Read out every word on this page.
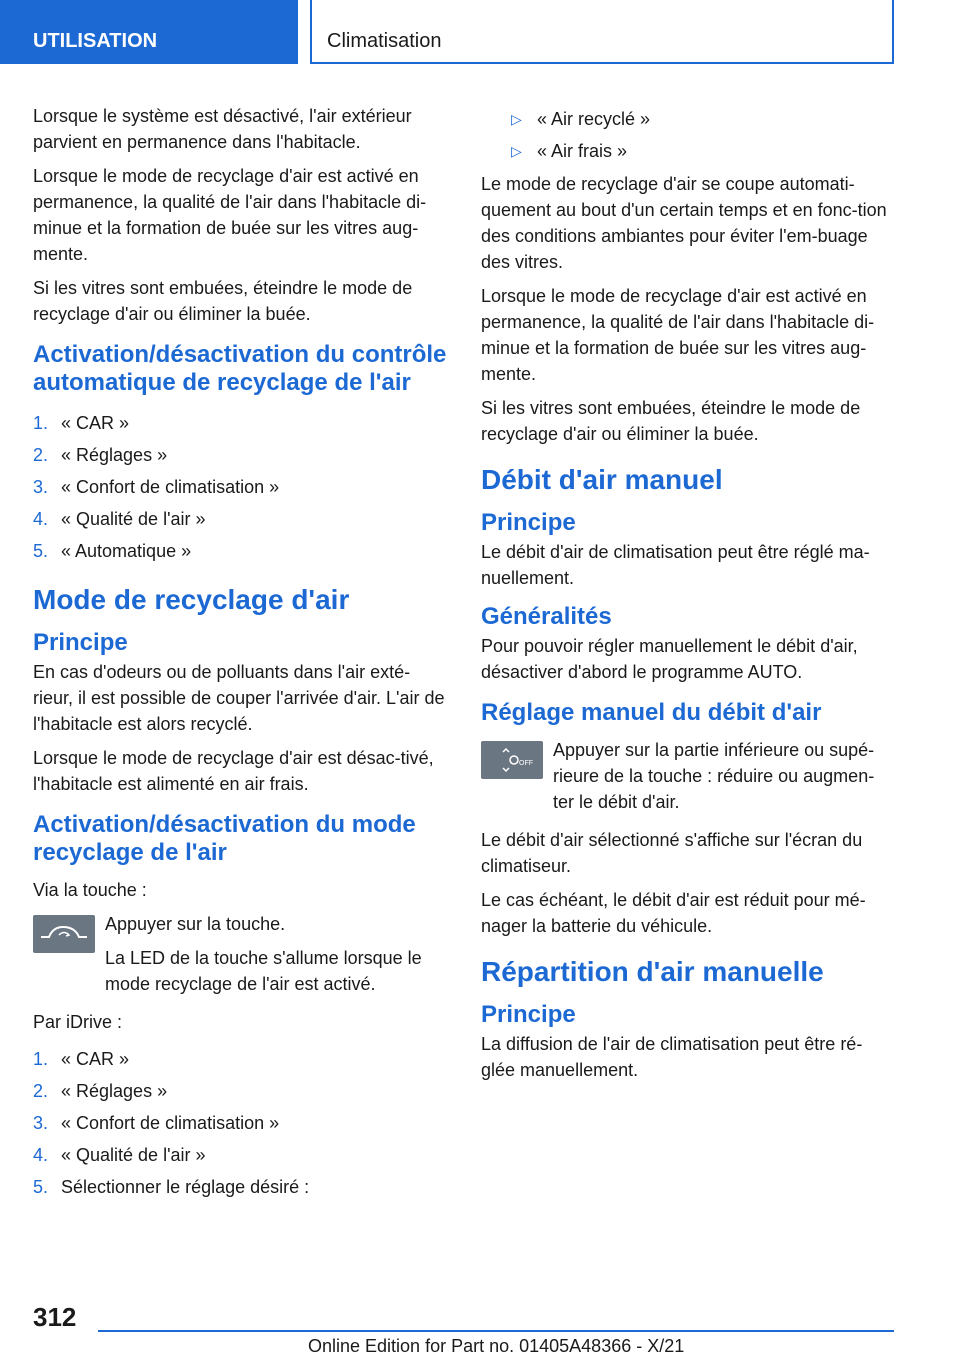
UTILISATION	Climatisation

Lorsque le système est désactivé, l'air extérieur parvient en permanence dans l'habitacle.

Lorsque le mode de recyclage d'air est activé en permanence, la qualité de l'air dans l'habitacle di-minue et la formation de buée sur les vitres aug-mente.

Si les vitres sont embuées, éteindre le mode de recyclage d'air ou éliminer la buée.

Activation/désactivation du contrôle automatique de recyclage de l'air
1. « CAR »
2. « Réglages »
3. « Confort de climatisation »
4. « Qualité de l'air »
5. « Automatique »
Mode de recyclage d'air
Principe

En cas d'odeurs ou de polluants dans l'air exté-rieur, il est possible de couper l'arrivée d'air. L'air de l'habitacle est alors recyclé.

Lorsque le mode de recyclage d'air est désac-tivé, l'habitacle est alimenté en air frais.

Activation/désactivation du mode recyclage de l'air

Via la touche :

Appuyer sur la touche.

La LED de la touche s'allume lorsque le mode recyclage de l'air est activé.

Par iDrive :

1. « CAR »
2. « Réglages »
3. « Confort de climatisation »
4. « Qualité de l'air »
5. Sélectionner le réglage désiré :
▷ « Air recyclé »
▷ « Air frais »

Le mode de recyclage d'air se coupe automati-quement au bout d'un certain temps et en fonc-tion des conditions ambiantes pour éviter l'em-buage des vitres.

Lorsque le mode de recyclage d'air est activé en permanence, la qualité de l'air dans l'habitacle di-minue et la formation de buée sur les vitres aug-mente.

Si les vitres sont embuées, éteindre le mode de recyclage d'air ou éliminer la buée.

Débit d'air manuel
Principe

Le débit d'air de climatisation peut être réglé ma-nuellement.

Généralités

Pour pouvoir régler manuellement le débit d'air, désactiver d'abord le programme AUTO.

Réglage manuel du débit d'air
OFF

Appuyer sur la partie inférieure ou supé-rieure de la touche : réduire ou augmen-ter le débit d'air.

Le débit d'air sélectionné s'affiche sur l'écran du climatiseur.

Le cas échéant, le débit d'air est réduit pour mé-nager la batterie du véhicule.

Répartition d'air manuelle
Principe

La diffusion de l'air de climatisation peut être ré-glée manuellement.

312
Online Edition for Part no. 01405A48366 - X/21
